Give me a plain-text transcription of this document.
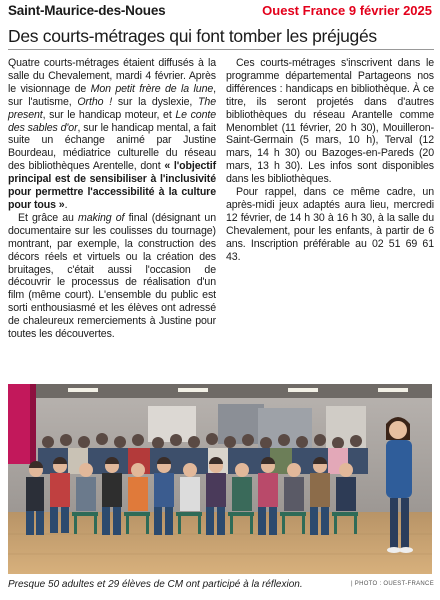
Saint-Maurice-des-Noues	Ouest France 9 février 2025
Des courts-métrages qui font tomber les préjugés

Quatre courts-métrages étaient diffusés à la salle du Chevalement, mardi 4 février. Après le visionnage de Mon petit frère de la lune, sur l'autisme, Ortho ! sur la dyslexie, The present, sur le handicap moteur, et Le conte des sables d'or, sur le handicap mental, a fait suite un échange animé par Justine Bourdeau, médiatrice culturelle du réseau des bibliothèques Arentelle, dont « l'objectif principal est de sensibiliser à l'inclusivité pour permettre l'accessibilité à la culture pour tous ».

Et grâce au making of final (désignant un documentaire sur les coulisses du tournage) montrant, par exemple, la construction des décors réels et virtuels ou la création des bruitages, c'était aussi l'occasion de découvrir le processus de réalisation d'un film (même court). L'ensemble du public est sorti enthousiasmé et les élèves ont adressé de chaleureux remerciements à Justine pour toutes les découvertes.

Ces courts-métrages s'inscrivent dans le programme départemental Partageons nos différences : handicaps en bibliothèque. À ce titre, ils seront projetés dans d'autres bibliothèques du réseau Arantelle comme Menomblet (11 février, 20 h 30), Mouilleron-Saint-Germain (5 mars, 10 h), Terval (12 mars, 14 h 30) ou Bazoges-en-Pareds (20 mars, 13 h 30). Les infos sont disponibles dans les bibliothèques.

Pour rappel, dans ce même cadre, un après-midi jeux adaptés aura lieu, mercredi 12 février, de 14 h 30 à 16 h 30, à la salle du Chevalement, pour les enfants, à partir de 6 ans. Inscription préférable au 02 51 69 61 43.

Presque 50 adultes et 29 élèves de CM ont participé à la réflexion.	| PHOTO : OUEST-FRANCE
